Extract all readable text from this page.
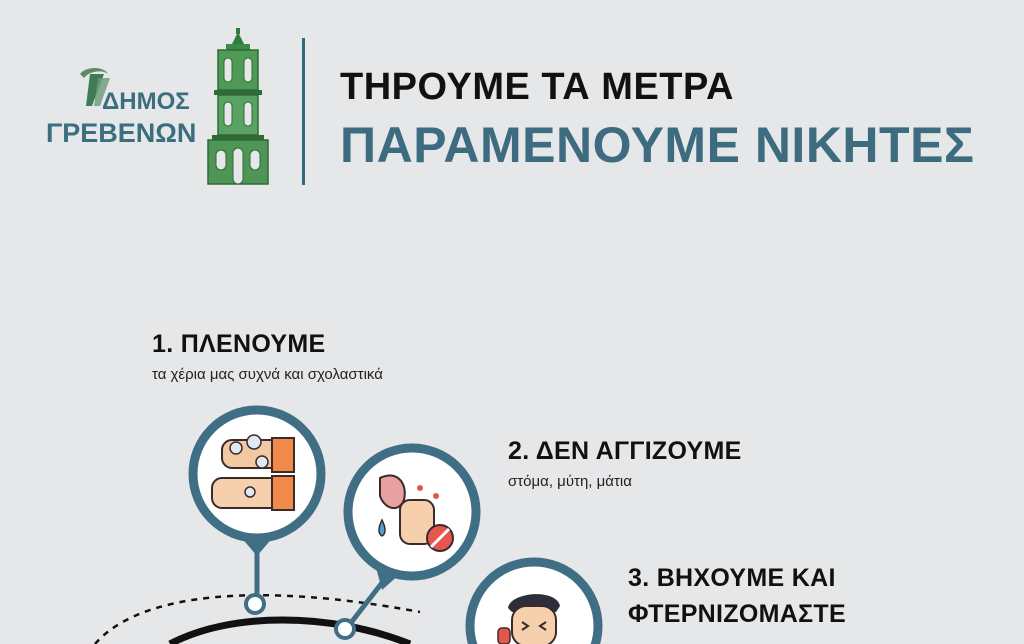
ΔΗΜΟΣ
ΓΡΕΒΕΝΩΝ
ΤΗΡΟΥΜΕ ΤΑ ΜΕΤΡΑ
ΠΑΡΑΜΕΝΟΥΜΕ ΝΙΚΗΤΕΣ
1. ΠΛΕΝΟΥΜΕ
τα χέρια μας συχνά και σχολαστικά
2. ΔΕΝ ΑΓΓΙΖΟΥΜΕ
στόμα, μύτη, μάτια
3. ΒΗΧΟΥΜΕ ΚΑΙ
ΦΤΕΡΝΙΖΟΜΑΣΤΕ
